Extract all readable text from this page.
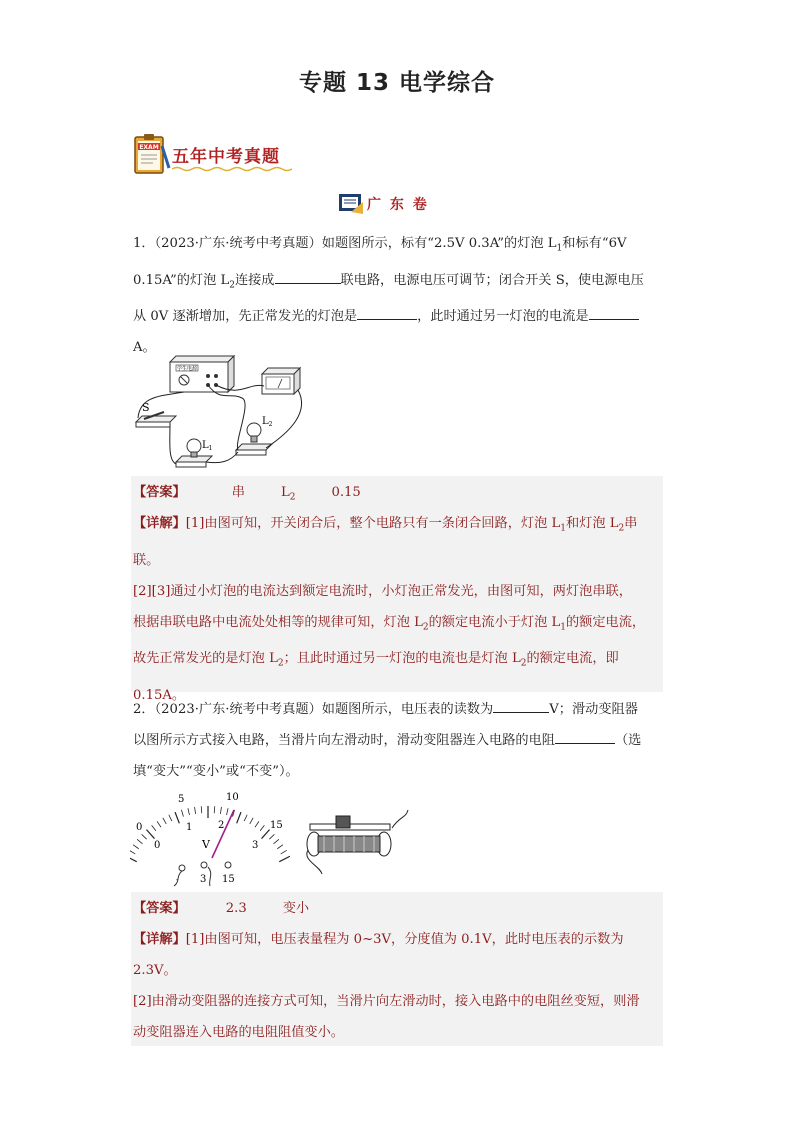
专题 13 电学综合
EXAM 五年中考真题
广 东 卷
1．（2023·广东·统考中考真题）如题图所示，标有“2.5V 0.3A”的灯泡 $L_1$和标有“6V
0.15A”的灯泡 $L_2$连接成	联电路，电源电压可调节；闭合开关 S，使电源电压
从 0V 逐渐增加，先正常发光的灯泡是	，此时通过另一灯泡的电流是
A。
学生电源
S
$L_1$
$L_2$
【答案】	串	$L_2$	0.15
【详解】[1]由图可知，开关闭合后，整个电路只有一条闭合回路，灯泡 $L_1$和灯泡 $L_2$串
联。
[2][3]通过小灯泡的电流达到额定电流时，小灯泡正常发光，由图可知，两灯泡串联，
根据串联电路中电流处处相等的规律可知，灯泡 $L_2$的额定电流小于灯泡 $L_1$的额定电流，
故先正常发光的是灯泡 $L_2$；且此时通过另一灯泡的电流也是灯泡 $L_2$的额定电流，即
0.15A。
2．（2023·广东·统考中考真题）如题图所示，电压表的读数为	V；滑动变阻器
以图所示方式接入电路，当滑片向左滑动时，滑动变阻器连入电路的电阻	（选
填“变大”“变小”或“不变”）。
0
5	10
15
0
1	2
3
V
- 3 15
【答案】	2.3	变小
【详解】[1]由图可知，电压表量程为 0~3V，分度值为 0.1V，此时电压表的示数为
2.3V。
[2]由滑动变阻器的连接方式可知，当滑片向左滑动时，接入电路中的电阻丝变短，则滑
动变阻器连入电路的电阻阻值变小。
